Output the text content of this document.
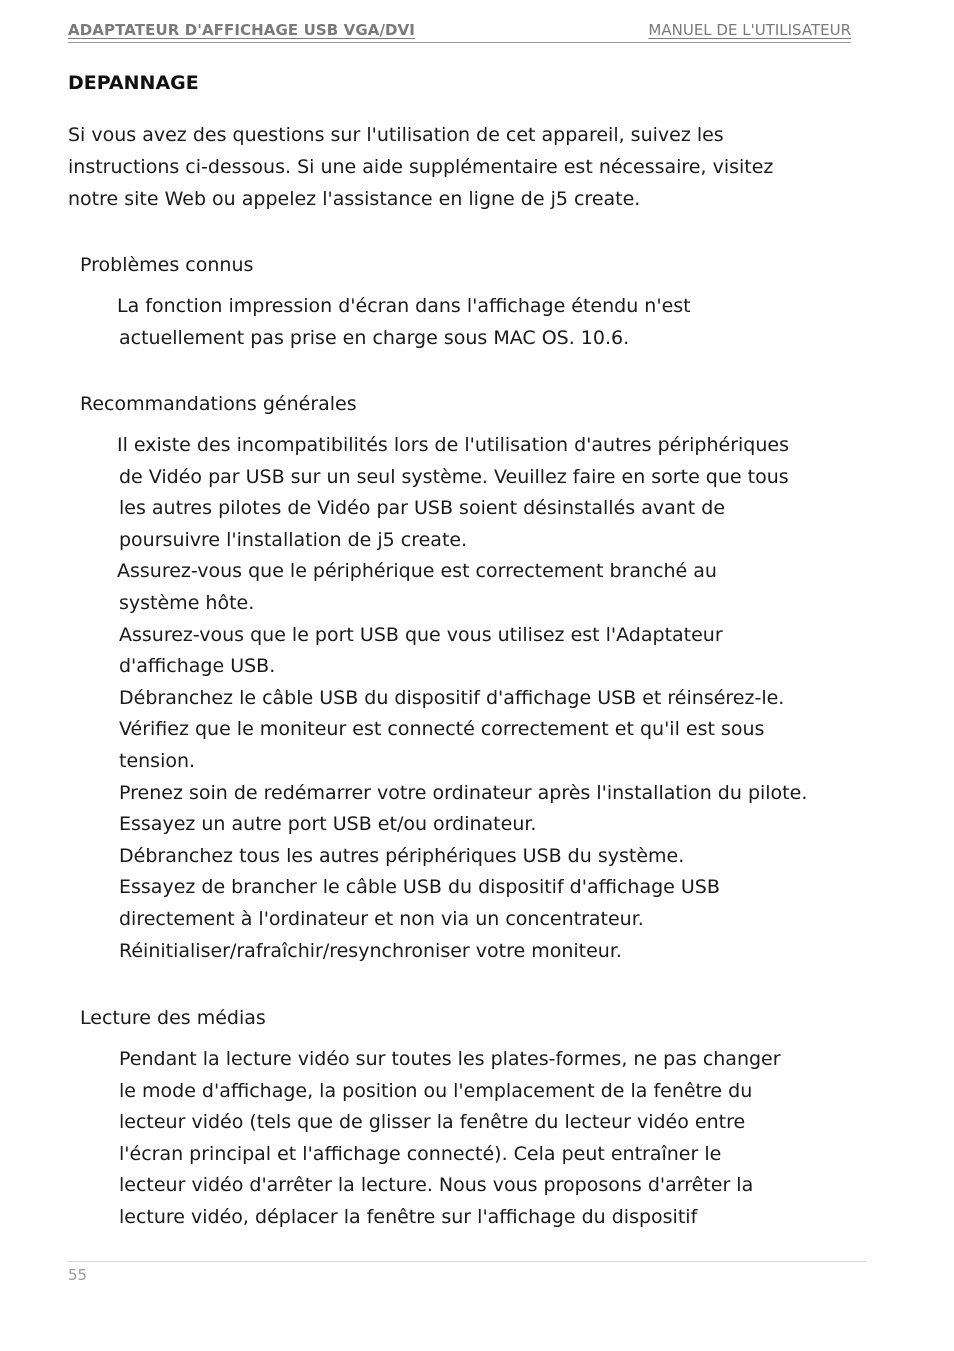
ADAPTATEUR D'AFFICHAGE USB VGA/DVI	MANUEL DE L'UTILISATEUR
DEPANNAGE
Si vous avez des questions sur l'utilisation de cet appareil, suivez les
instructions ci-dessous. Si une aide supplémentaire est nécessaire, visitez
notre site Web ou appelez l'assistance en ligne de j5 create.
Problèmes connus
La fonction impression d'écran dans l'affichage étendu n'est
actuellement pas prise en charge sous MAC OS. 10.6.
Recommandations générales
Il existe des incompatibilités lors de l'utilisation d'autres périphériques
de Vidéo par USB sur un seul système. Veuillez faire en sorte que tous
les autres pilotes de Vidéo par USB soient désinstallés avant de
poursuivre l'installation de j5 create.
Assurez-vous que le périphérique est correctement branché au
système hôte.
Assurez-vous que le port USB que vous utilisez est l'Adaptateur
d'affichage USB.
Débranchez le câble USB du dispositif d'affichage USB et réinsérez-le.
Vérifiez que le moniteur est connecté correctement et qu'il est sous
tension.
Prenez soin de redémarrer votre ordinateur après l'installation du pilote.
Essayez un autre port USB et/ou ordinateur.
Débranchez tous les autres périphériques USB du système.
Essayez de brancher le câble USB du dispositif d'affichage USB
directement à l'ordinateur et non via un concentrateur.
Réinitialiser/rafraîchir/resynchroniser votre moniteur.
Lecture des médias
Pendant la lecture vidéo sur toutes les plates-formes, ne pas changer
le mode d'affichage, la position ou l'emplacement de la fenêtre du
lecteur vidéo (tels que de glisser la fenêtre du lecteur vidéo entre
l'écran principal et l'affichage connecté). Cela peut entraîner le
lecteur vidéo d'arrêter la lecture. Nous vous proposons d'arrêter la
lecture vidéo, déplacer la fenêtre sur l'affichage du dispositif
55
